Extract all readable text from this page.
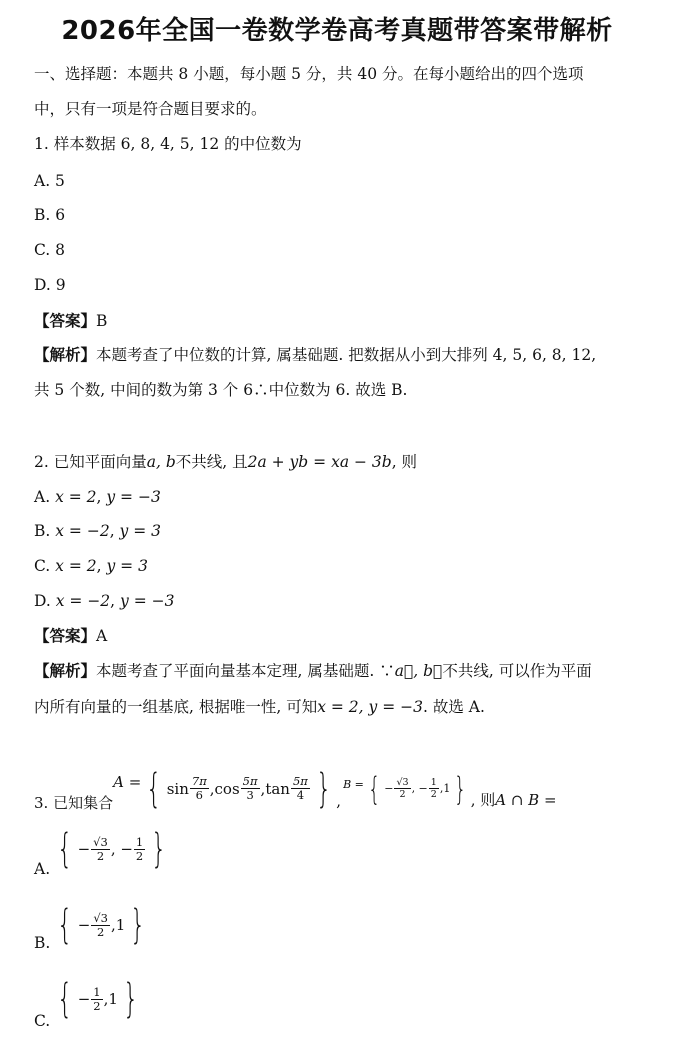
2026年全国一卷数学卷高考真题带答案带解析
一、选择题：本题共 8 小题，每小题 5 分，共 40 分。在每小题给出的四个选项
中，只有一项是符合题目要求的。
1. 样本数据 6, 8, 4, 5, 12 的中位数为
A. 5
B. 6
C. 8
D. 9
【答案】B
【解析】本题考查了中位数的计算, 属基础题. 把数据从小到大排列 4, 5, 6, 8, 12,
共 5 个数, 中间的数为第 3 个 6∴中位数为 6. 故选 B.
2. 已知平面向量a, b不共线, 且2a + yb = xa − 3b, 则
A. x = 2, y = −3
B. x = −2, y = 3
C. x = 2, y = 3
D. x = −2, y = −3
【答案】A
【解析】本题考查了平面向量基本定理, 属基础题. ∵a⃗, b⃗不共线, 可以作为平面
内所有向量的一组基底, 根据唯一性, 可知x = 2, y = −3. 故选 A.
3. 已知集合
A = { $\sin \frac{7\pi}{6}$ , $\cos \frac{5\pi}{3}$ , $\tan \frac{5\pi}{4}$ } ,
B = { − $\frac{√3}{2}$ , − $\frac{1}{2}$ , 1 } , 则 A ∩ B =
A. { − $\frac{√3}{2}$ , − $\frac{1}{2}$ }
B. { − $\frac{√3}{2}$ , 1 }
C. { − $\frac{1}{2}$ , 1 }
